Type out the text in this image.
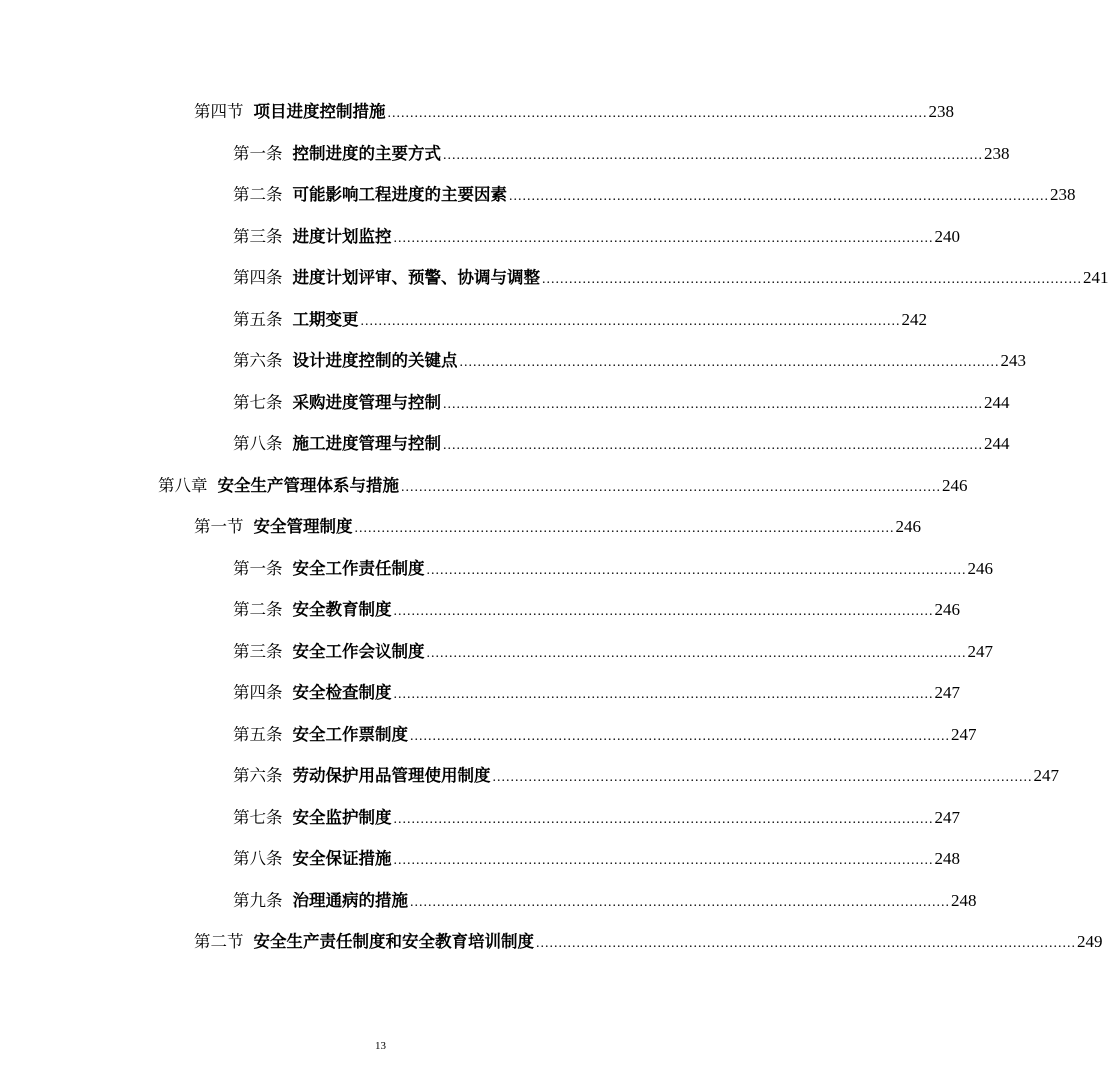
第四节 项目进度控制措施 ........................................................................................................................ 238
第一条 控制进度的主要方式 ........................................................................................................................ 238
第二条 可能影响工程进度的主要因素 ........................................................................................................................ 238
第三条 进度计划监控 ........................................................................................................................ 240
第四条 进度计划评审、预警、协调与调整 ........................................................................................................................ 241
第五条 工期变更 ........................................................................................................................ 242
第六条 设计进度控制的关键点 ........................................................................................................................ 243
第七条 采购进度管理与控制 ........................................................................................................................ 244
第八条 施工进度管理与控制 ........................................................................................................................ 244
第八章 安全生产管理体系与措施 ........................................................................................................................ 246
第一节 安全管理制度 ........................................................................................................................ 246
第一条 安全工作责任制度 ........................................................................................................................ 246
第二条 安全教育制度 ........................................................................................................................ 246
第三条 安全工作会议制度 ........................................................................................................................ 247
第四条 安全检查制度 ........................................................................................................................ 247
第五条 安全工作票制度 ........................................................................................................................ 247
第六条 劳动保护用品管理使用制度 ........................................................................................................................ 247
第七条 安全监护制度 ........................................................................................................................ 247
第八条 安全保证措施 ........................................................................................................................ 248
第九条 治理通病的措施 ........................................................................................................................ 248
第二节 安全生产责任制度和安全教育培训制度 ........................................................................................................................ 249
13
